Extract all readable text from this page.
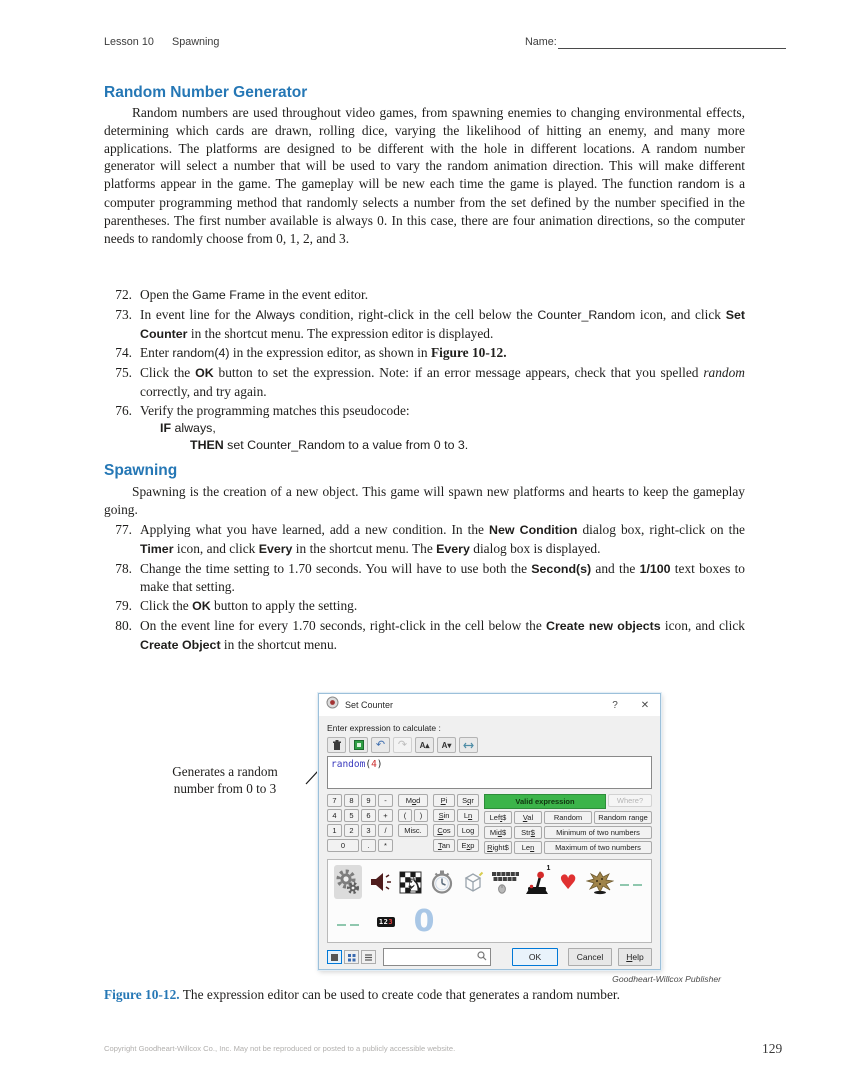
Lesson 10 Spawning	Name:
Random Number Generator
Random numbers are used throughout video games, from spawning enemies to changing environmental effects, determining which cards are drawn, rolling dice, varying the likelihood of hitting an enemy, and many more applications. The platforms are designed to be different with the hole in different locations. A random number generator will select a number that will be used to vary the random animation direction. This will make different platforms appear in the game. The gameplay will be new each time the game is played. The function random is a computer programming method that randomly selects a number from the set defined by the number specified in the parentheses. The first number available is always 0. In this case, there are four animation directions, so the computer needs to randomly choose from 0, 1, 2, and 3.
72. Open the Game Frame in the event editor.
73. In event line for the Always condition, right-click in the cell below the Counter_Random icon, and click Set Counter in the shortcut menu. The expression editor is displayed.
74. Enter random(4) in the expression editor, as shown in Figure 10-12.
75. Click the OK button to set the expression. Note: if an error message appears, check that you spelled random correctly, and try again.
76. Verify the programming matches this pseudocode:
IF always,
THEN set Counter_Random to a value from 0 to 3.
Spawning
Spawning is the creation of a new object. This game will spawn new platforms and hearts to keep the gameplay going.
77. Applying what you have learned, add a new condition. In the New Condition dialog box, right-click on the Timer icon, and click Every in the shortcut menu. The Every dialog box is displayed.
78. Change the time setting to 1.70 seconds. You will have to use both the Second(s) and the 1/100 text boxes to make that setting.
79. Click the OK button to apply the setting.
80. On the event line for every 1.70 seconds, right-click in the cell below the Create new objects icon, and click Create Object in the shortcut menu.
Generates a random
number from 0 to 3
Set Counter	?	✕
Enter expression to calculate :
↶ ↷ A▴ A▾
random(4)
7	8	9	-
4	5	6	+
1	2	3	/
0	.	*
Mod
(	)
Misc.
Pi	Sqr
Sin	Ln
Cos	Log
Tan	Exp
Valid expression	Where?
Left$	Val	Random	Random range
Mid$	Str$	Minimum of two numbers
Right$	Len	Maximum of two numbers
♞
1
♥
123 0
OK	Cancel	Help
Goodheart-Willcox Publisher
Figure 10-12. The expression editor can be used to create code that generates a random number.
Copyright Goodheart-Willcox Co., Inc. May not be reproduced or posted to a publicly accessible website.	129
